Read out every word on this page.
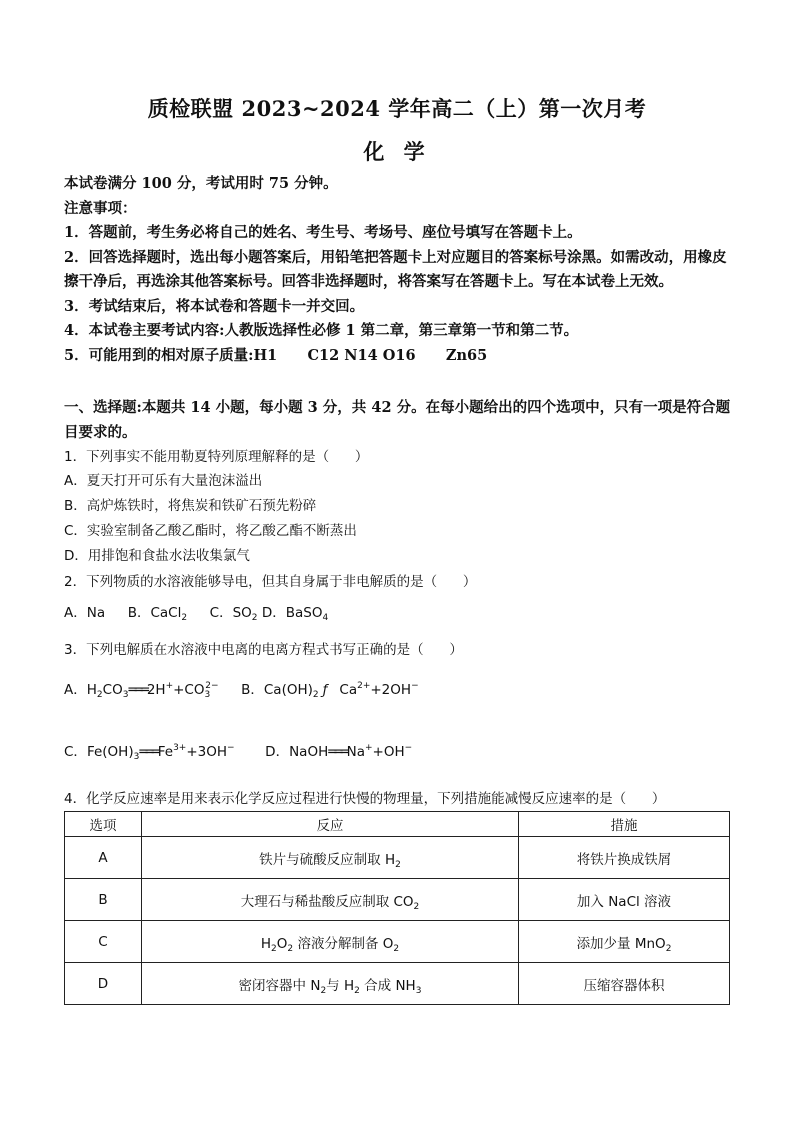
质检联盟 2023~2024 学年高二（上）第一次月考
化 学

本试卷满分 100 分，考试用时 75 分钟。

注意事项：

1．答题前，考生务必将自己的姓名、考生号、考场号、座位号填写在答题卡上。

2．回答选择题时，选出每小题答案后，用铅笔把答题卡上对应题目的答案标号涂黑。如需改动，用橡皮擦干净后，再选涂其他答案标号。回答非选择题时，将答案写在答题卡上。写在本试卷上无效。

3．考试结束后，将本试卷和答题卡一并交回。

4．本试卷主要考试内容:人教版选择性必修 1 第二章，第三章第一节和第二节。

5．可能用到的相对原子质量:H1      C12 N14 O16      Zn65

一、选择题:本题共 14 小题，每小题 3 分，共 42 分。在每小题给出的四个选项中，只有一项是符合题目要求的。

1．下列事实不能用勒夏特列原理解释的是（      ）

A．夏天打开可乐有大量泡沫溢出

B．高炉炼铁时，将焦炭和铁矿石预先粉碎

C．实验室制备乙酸乙酯时，将乙酸乙酯不断蒸出

D．用排饱和食盐水法收集氯气

2．下列物质的水溶液能够导电，但其自身属于非电解质的是（      ）

A．Na B．CaCl$_2$ C．$SO_2$ D．BaSO$_4$

3．下列电解质在水溶液中电离的电离方程式书写正确的是（      ）

A．$H_2CO_3═══2H^++CO_3^{2-}$ B．$Ca(OH)_2$ ƒ $Ca^{2+}+2OH^-$
C．$Fe(OH)_3═══Fe^{3+}+3OH^-$ D．NaOH═══Na++OH−

4．化学反应速率是用来表示化学反应过程进行快慢的物理量，下列措施能减慢反应速率的是（      ）

选项	反应	措施
A	铁片与硫酸反应制取 $H_2$	将铁片换成铁屑
B	大理石与稀盐酸反应制取 $CO_2$	加入 NaCl 溶液
C	$H_2O_2$ 溶液分解制备 $O_2$	添加少量 MnO$_2$
D	密闭容器中 $N_2$与 $H_2$ 合成 $NH_3$	压缩容器体积
